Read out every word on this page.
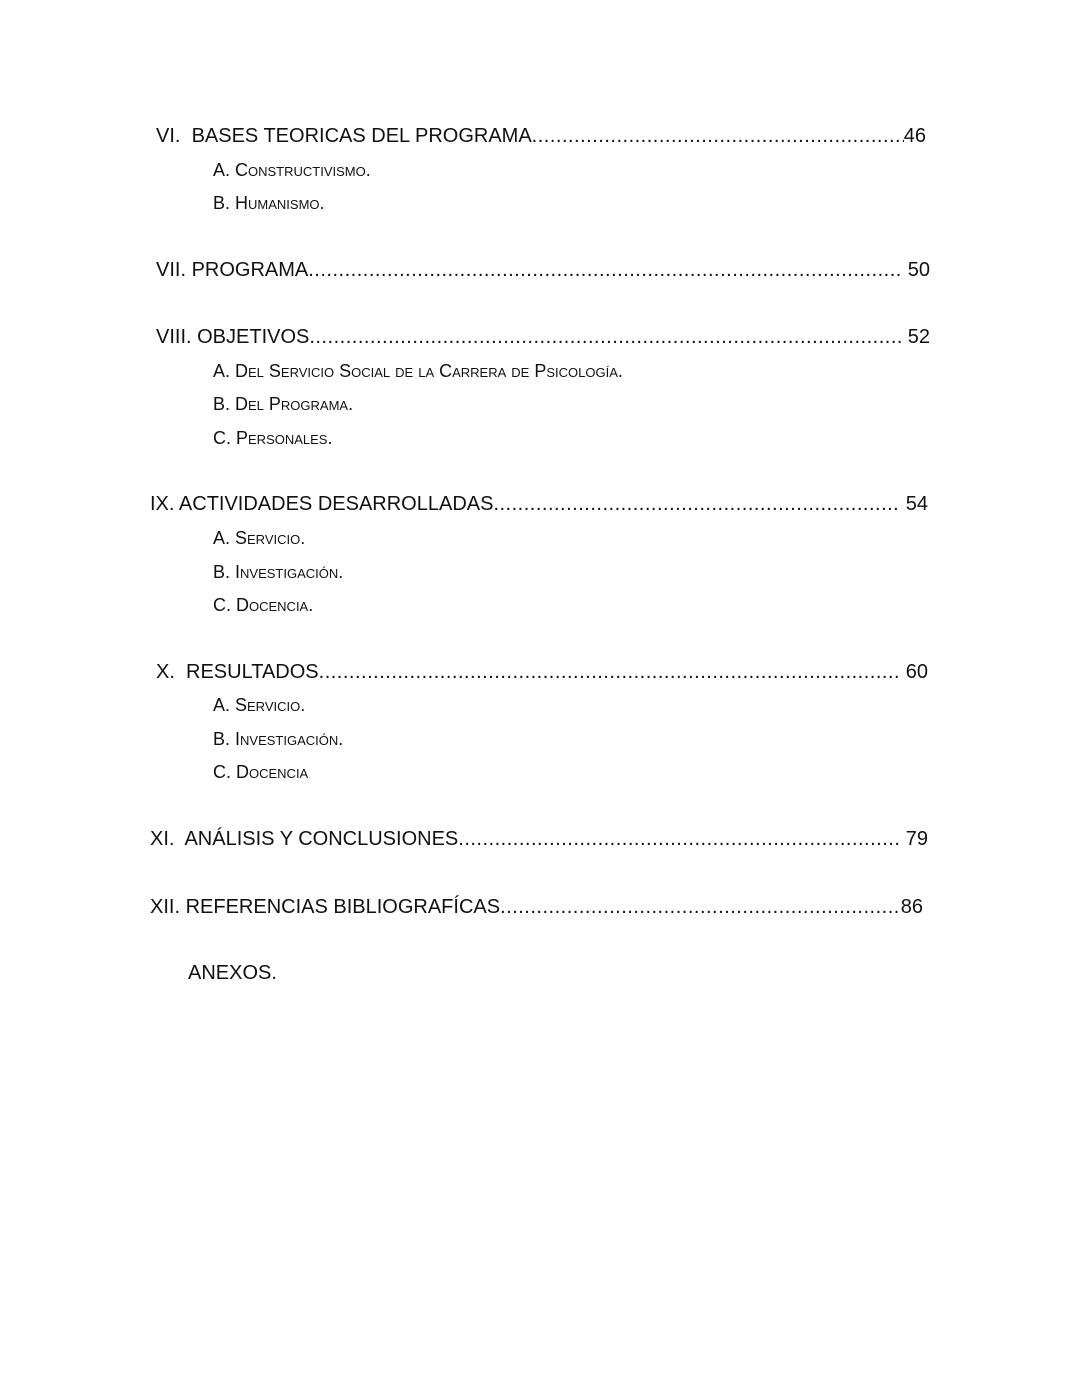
VI.  BASES TEORICAS DEL PROGRAMA .....	46
A. Constructivismo.
B. Humanismo.
VII. PROGRAMA .....	50
VIII. OBJETIVOS .....	52
A. Del Servicio Social de la Carrera de Psicología.
B. Del Programa.
C. Personales.
IX. ACTIVIDADES DESARROLLADAS .....	54
A. Servicio.
B. Investigación.
C. Docencia.
X.  RESULTADOS .....	60
A. Servicio.
B. Investigación.
C. Docencia
XI.  ANÁLISIS Y CONCLUSIONES .....	79
XII. REFERENCIAS BIBLIOGRAFÍCAS .....	86
ANEXOS.
